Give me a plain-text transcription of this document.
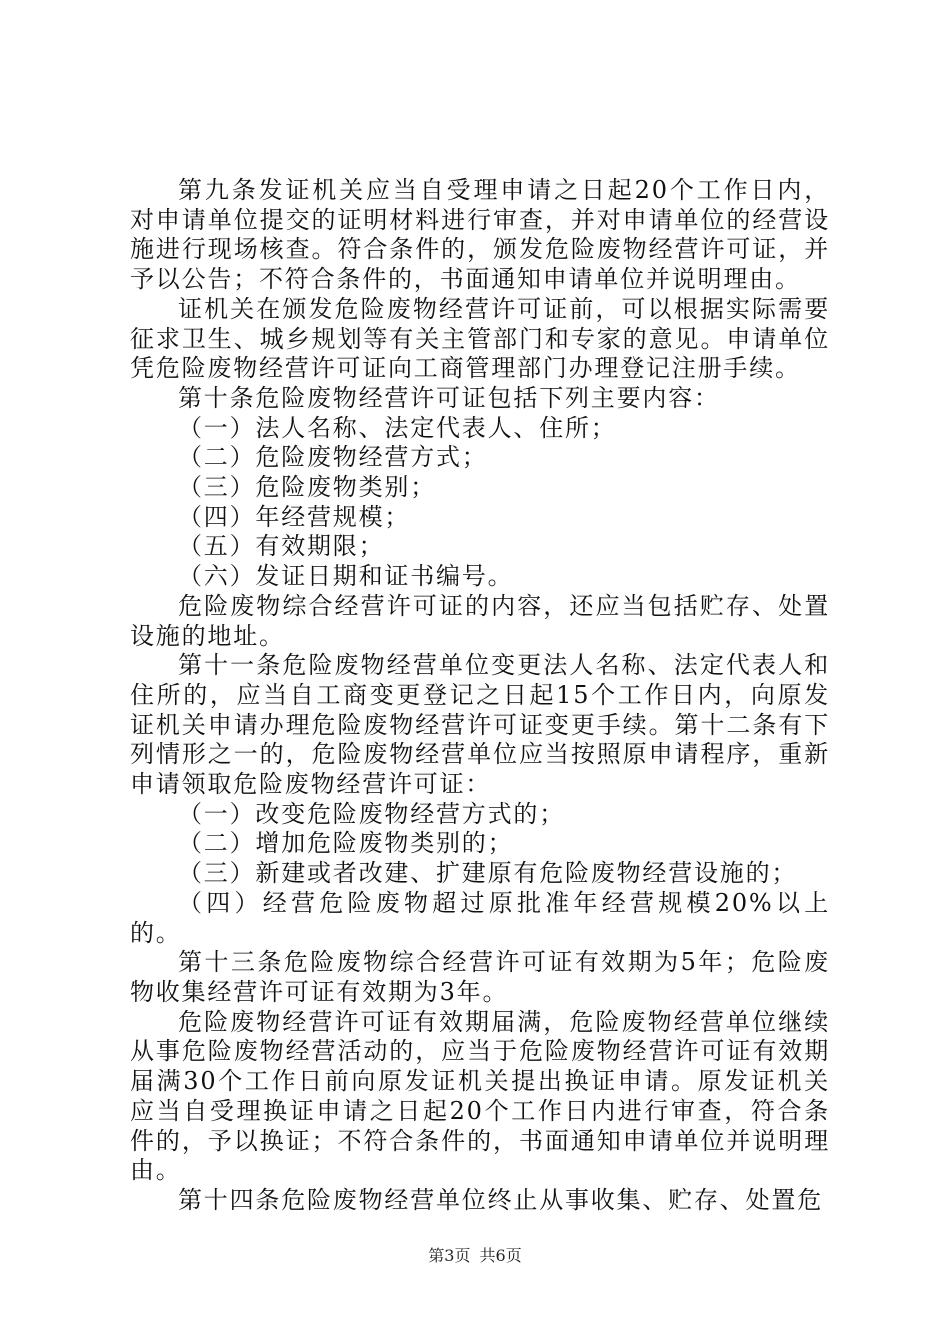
第九条发证机关应当自受理申请之日起20个工作日内，对申请单位提交的证明材料进行审查，并对申请单位的经营设施进行现场核查。符合条件的，颁发危险废物经营许可证，并予以公告；不符合条件的，书面通知申请单位并说明理由。

证机关在颁发危险废物经营许可证前，可以根据实际需要征求卫生、城乡规划等有关主管部门和专家的意见。申请单位凭危险废物经营许可证向工商管理部门办理登记注册手续。

第十条危险废物经营许可证包括下列主要内容：

（一）法人名称、法定代表人、住所；

（二）危险废物经营方式；

（三）危险废物类别；

（四）年经营规模；

（五）有效期限；

（六）发证日期和证书编号。

危险废物综合经营许可证的内容，还应当包括贮存、处置设施的地址。

第十一条危险废物经营单位变更法人名称、法定代表人和住所的，应当自工商变更登记之日起15个工作日内，向原发证机关申请办理危险废物经营许可证变更手续。第十二条有下列情形之一的，危险废物经营单位应当按照原申请程序，重新申请领取危险废物经营许可证：

（一）改变危险废物经营方式的；

（二）增加危险废物类别的；

（三）新建或者改建、扩建原有危险废物经营设施的；

（四）经营危险废物超过原批准年经营规模20%以上的。

第十三条危险废物综合经营许可证有效期为5年；危险废物收集经营许可证有效期为3年。

危险废物经营许可证有效期届满，危险废物经营单位继续从事危险废物经营活动的，应当于危险废物经营许可证有效期届满30个工作日前向原发证机关提出换证申请。原发证机关应当自受理换证申请之日起20个工作日内进行审查，符合条件的，予以换证；不符合条件的，书面通知申请单位并说明理由。

第十四条危险废物经营单位终止从事收集、贮存、处置危

第3页 共6页
